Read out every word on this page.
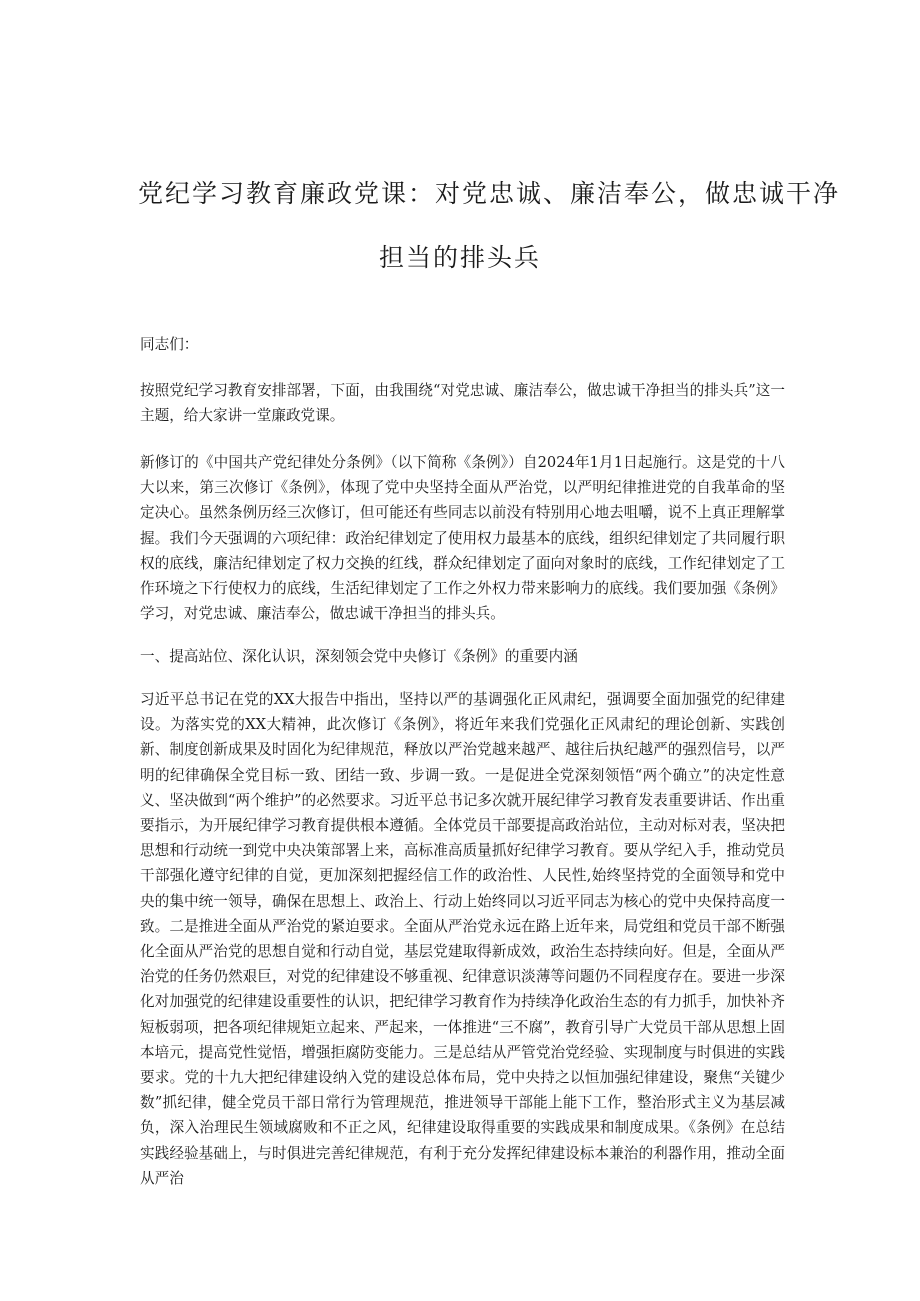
党纪学习教育廉政党课：对党忠诚、廉洁奉公，做忠诚干净
担当的排头兵
同志们：
按照党纪学习教育安排部署，下面，由我围绕“对党忠诚、廉洁奉公，做忠诚干净担当的排头兵”这一主题，给大家讲一堂廉政党课。
新修订的《中国共产党纪律处分条例》（以下简称《条例》）自2024年1月1日起施行。这是党的十八大以来，第三次修订《条例》，体现了党中央坚持全面从严治党，以严明纪律推进党的自我革命的坚定决心。虽然条例历经三次修订，但可能还有些同志以前没有特别用心地去咀嚼，说不上真正理解掌握。我们今天强调的六项纪律：政治纪律划定了使用权力最基本的底线，组织纪律划定了共同履行职权的底线，廉洁纪律划定了权力交换的红线，群众纪律划定了面向对象时的底线，工作纪律划定了工作环境之下行使权力的底线，生活纪律划定了工作之外权力带来影响力的底线。我们要加强《条例》学习，对党忠诚、廉洁奉公，做忠诚干净担当的排头兵。
一、提高站位、深化认识，深刻领会党中央修订《条例》的重要内涵
习近平总书记在党的XX大报告中指出，坚持以严的基调强化正风肃纪，强调要全面加强党的纪律建设。为落实党的XX大精神，此次修订《条例》，将近年来我们党强化正风肃纪的理论创新、实践创新、制度创新成果及时固化为纪律规范，释放以严治党越来越严、越往后执纪越严的强烈信号，以严明的纪律确保全党目标一致、团结一致、步调一致。一是促进全党深刻领悟“两个确立”的决定性意义、坚决做到“两个维护”的必然要求。习近平总书记多次就开展纪律学习教育发表重要讲话、作出重要指示，为开展纪律学习教育提供根本遵循。全体党员干部要提高政治站位，主动对标对表，坚决把思想和行动统一到党中央决策部署上来，高标准高质量抓好纪律学习教育。要从学纪入手，推动党员干部强化遵守纪律的自觉，更加深刻把握经信工作的政治性、人民性,始终坚持党的全面领导和党中央的集中统一领导，确保在思想上、政治上、行动上始终同以习近平同志为核心的党中央保持高度一致。二是推进全面从严治党的紧迫要求。全面从严治党永远在路上近年来，局党组和党员干部不断强化全面从严治党的思想自觉和行动自觉，基层党建取得新成效，政治生态持续向好。但是，全面从严治党的任务仍然艰巨，对党的纪律建设不够重视、纪律意识淡薄等问题仍不同程度存在。要进一步深化对加强党的纪律建设重要性的认识，把纪律学习教育作为持续净化政治生态的有力抓手，加快补齐短板弱项，把各项纪律规矩立起来、严起来，一体推进“三不腐”，教育引导广大党员干部从思想上固本培元，提高党性觉悟，增强拒腐防变能力。三是总结从严管党治党经验、实现制度与时俱进的实践要求。党的十九大把纪律建设纳入党的建设总体布局，党中央持之以恒加强纪律建设，聚焦“关键少数”抓纪律，健全党员干部日常行为管理规范，推进领导干部能上能下工作，整治形式主义为基层减负，深入治理民生领域腐败和不正之风，纪律建设取得重要的实践成果和制度成果。《条例》在总结实践经验基础上，与时俱进完善纪律规范，有利于充分发挥纪律建设标本兼治的利器作用，推动全面从严治
